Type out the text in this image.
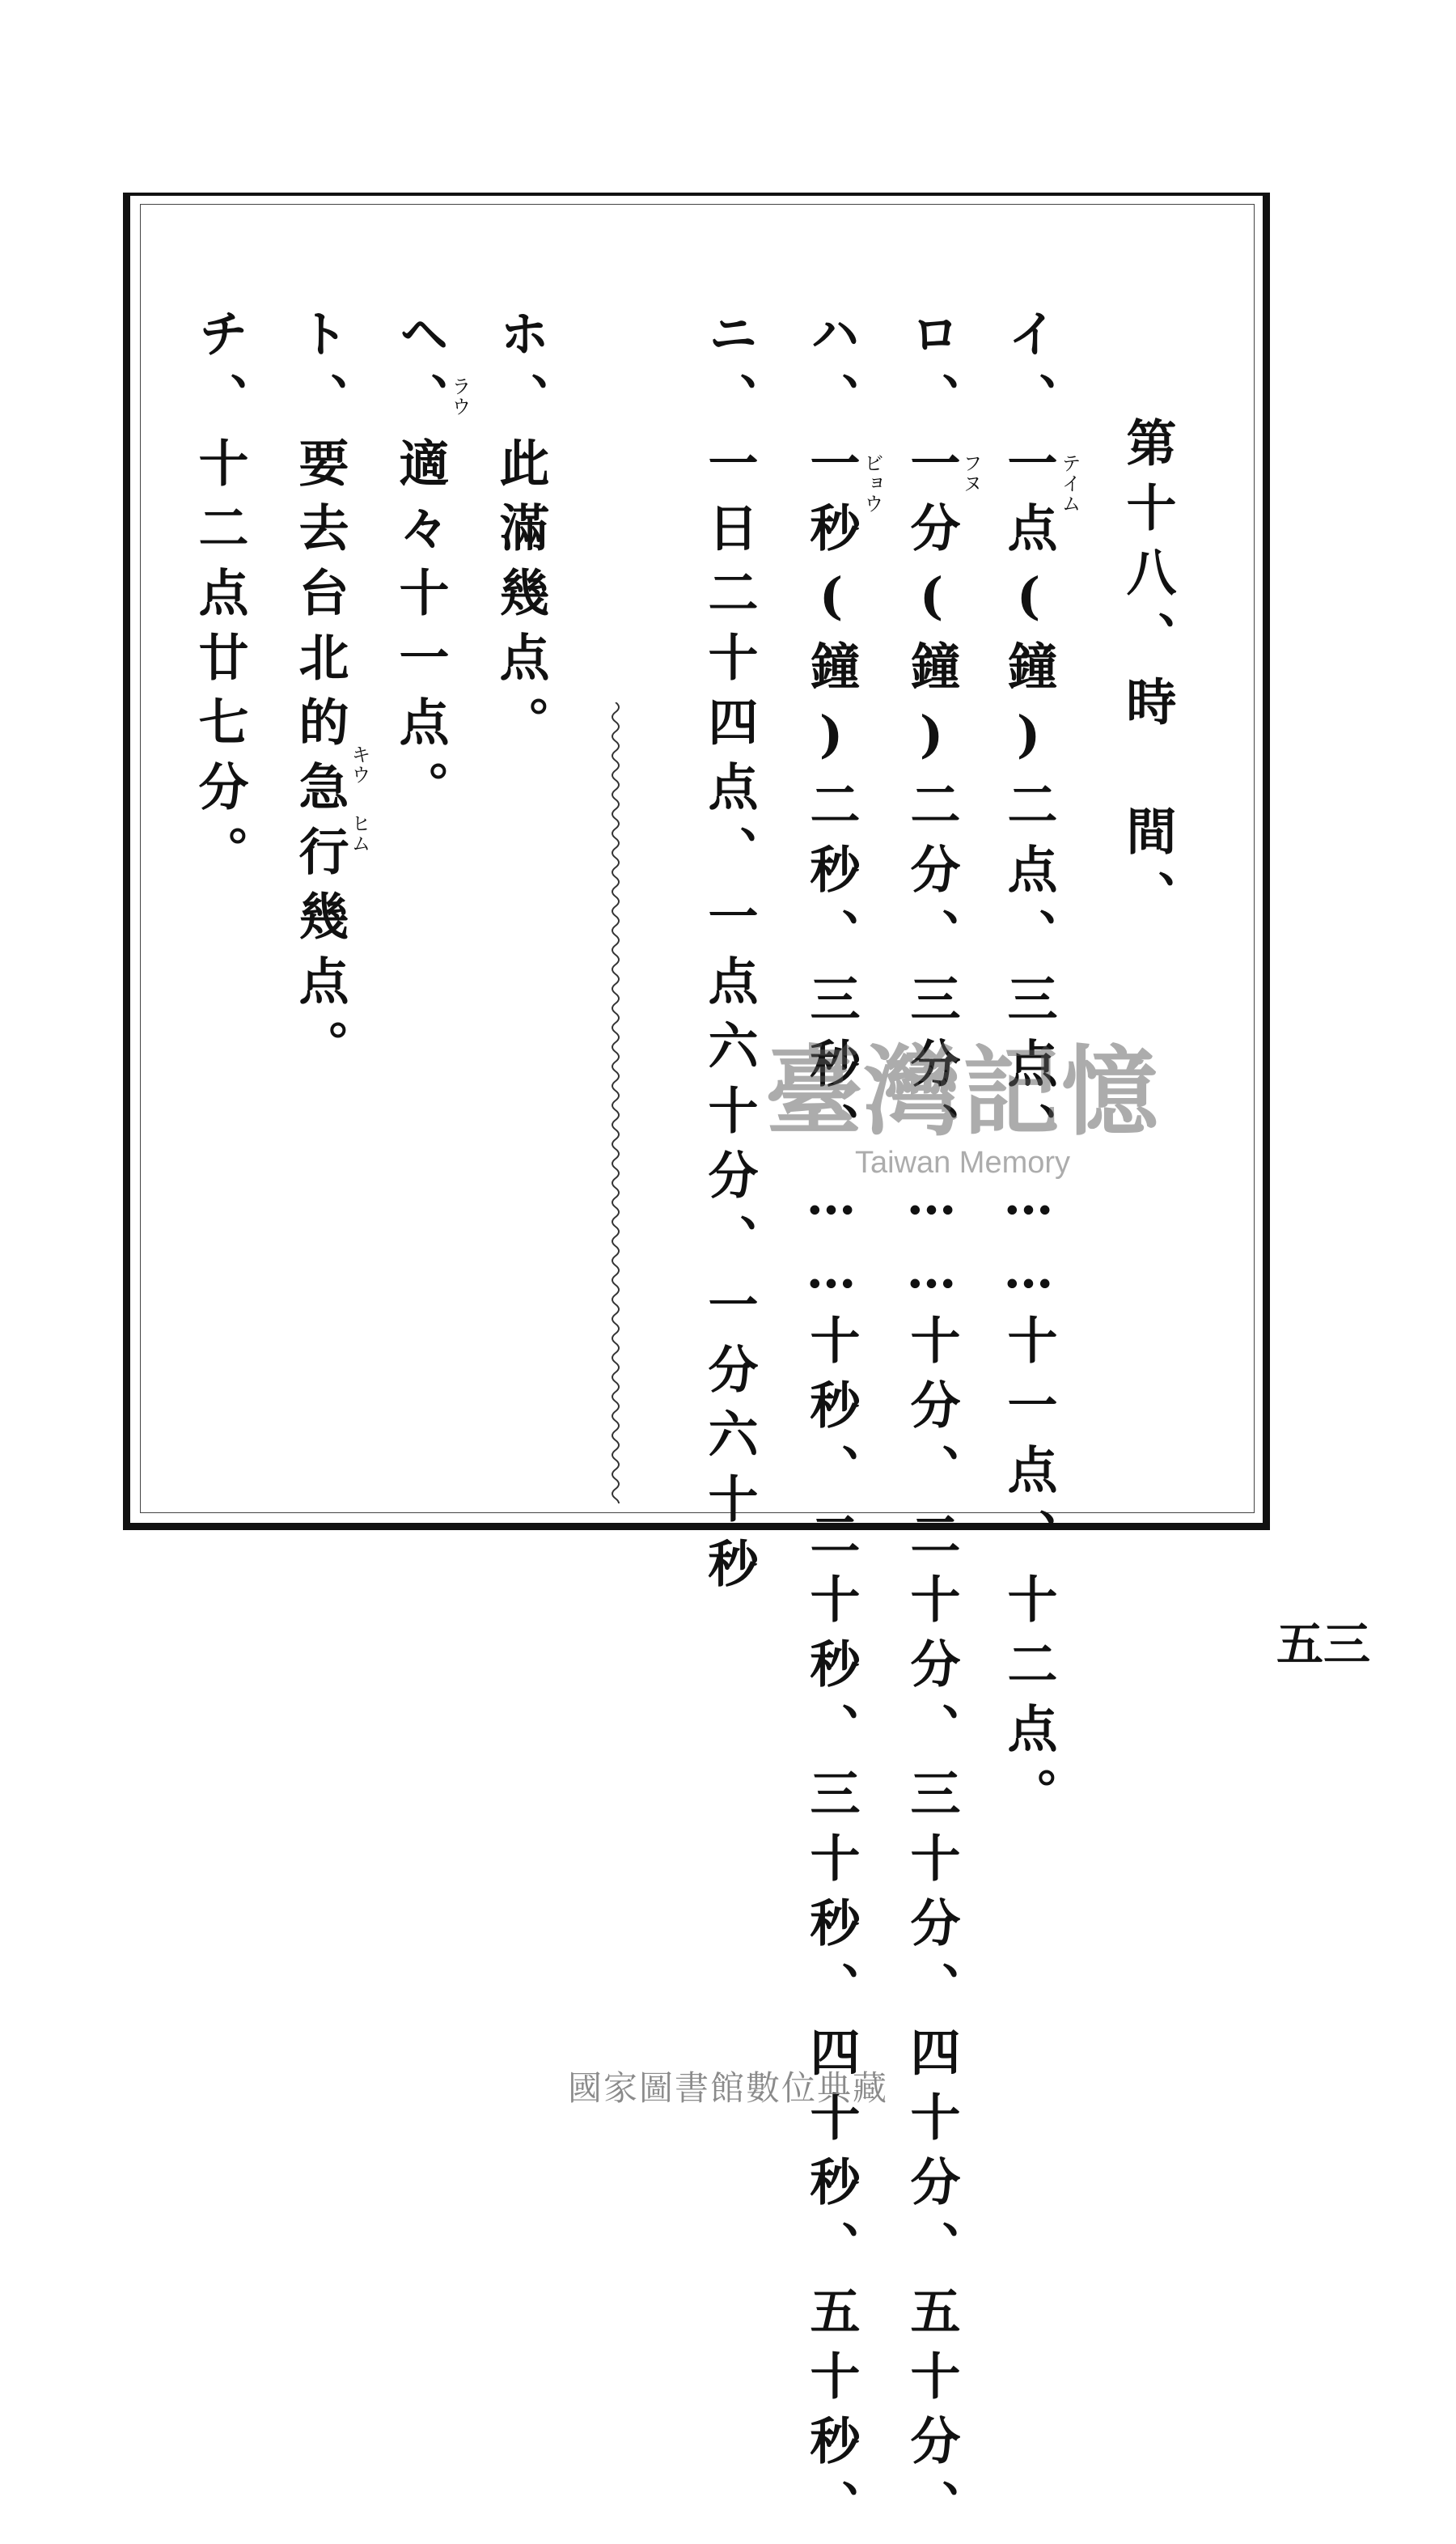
第十八、時　間、
イ、一点(鐘)二点、三点、……十一点、十二点。
ロ、一分(鐘)二分、三分、……十分、二十分、三十分、四十分、五十分、
ハ、一秒(鐘)二秒、三秒、……十秒、二十秒、三十秒、四十秒、五十秒、
ニ、一日二十四点、一点六十分、一分六十秒
ホ、此滿幾点。
ヘ、適々十一点。
ト、要去台北的急行幾点。
チ、十二点廿七分。	テイム
フヌ
ビョウ
ラウ
キウ
ヒム
五三
臺灣記憶
Taiwan Memory
國家圖書館數位典藏
